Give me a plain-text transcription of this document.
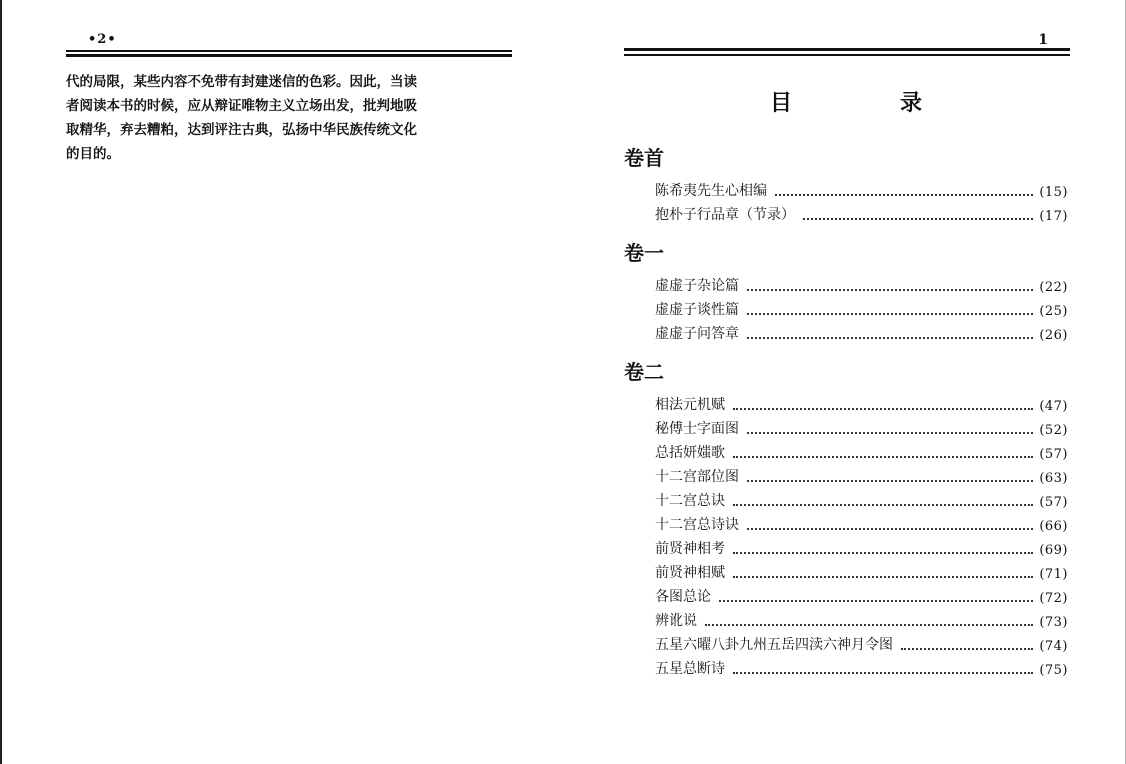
•2•

代的局限，某些内容不免带有封建迷信的色彩。因此，当读
者阅读本书的时候，应从辩证唯物主义立场出发，批判地吸
取精华，弃去糟粕，达到评注古典，弘扬中华民族传统文化
的目的。

1
目	录
卷首
陈希夷先生心相编	(15)
抱朴子行品章（节录）	(17)
卷一
虚虚子杂论篇	(22)
虚虚子谈性篇	(25)
虚虚子问答章	(26)
卷二
相法元机赋	(47)
秘傅士字面图	(52)
总括妍媸歌	(57)
十二宫部位图	(63)
十二宫总诀	(57)
十二宫总诗诀	(66)
前贤神相考	(69)
前贤神相赋	(71)
各图总论	(72)
辨讹说	(73)
五星六曜八卦九州五岳四渎六神月令图	(74)
五星总断诗	(75)
